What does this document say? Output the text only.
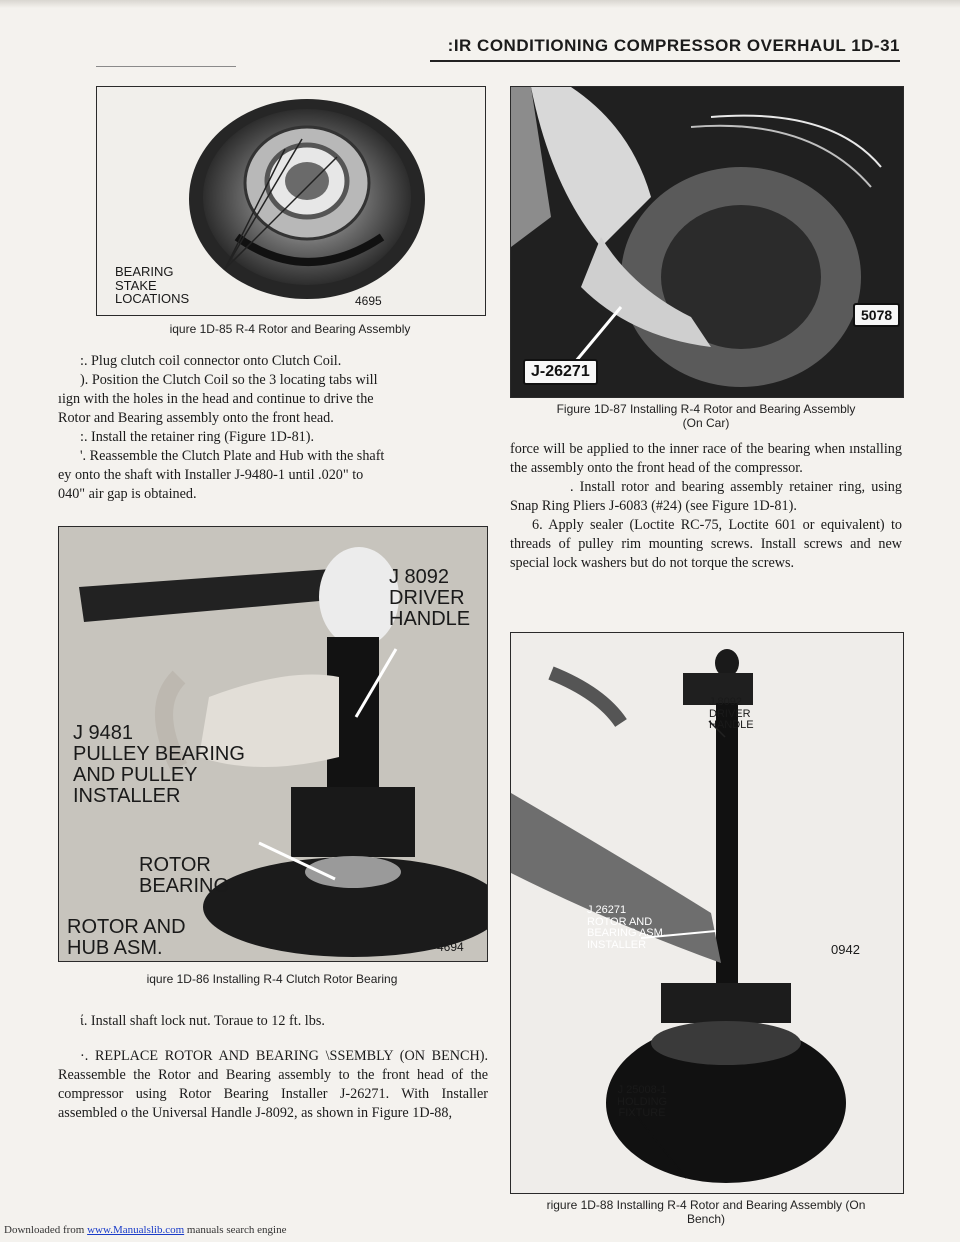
Downloaded from www.Manualslib.com manuals search engine
:IR CONDITIONING COMPRESSOR OVERHAUL 1D-31
BEARING
STAKE
LOCATIONS	4695
iqure 1D-85 R-4 Rotor and Bearing Assembly

:. Plug clutch coil connector onto Clutch Coil.

). Position the Clutch Coil so the 3 locating tabs will

ıign with the holes in the head and continue to drive the

Rotor and Bearing assembly onto the front head.

:. Install the retainer ring (Figure 1D-81).

'. Reassemble the Clutch Plate and Hub with the shaft

ey onto the shaft with Installer J-9480-1 until .020" to

040" air gap is obtained.

J 8092
DRIVER
HANDLE
J 9481
PULLEY BEARING
AND PULLEY
INSTALLER
ROTOR
BEARING
ROTOR AND
HUB ASM.	4694
iqure 1D-86 Installing R-4 Clutch Rotor Bearing

ί. Install shaft lock nut. Toraue to 12 ft. lbs.

·. REPLACE ROTOR AND BEARING \SSEMBLY (ON BENCH). Reassemble the Rotor and Bearing assembly to the front head of the compressor using Rotor Bearing Installer J-26271. With Installer assembled o the Universal Handle J-8092, as shown in Figure 1D-88,

J-26271
5078
Figure 1D-87 Installing R-4 Rotor and Bearing Assembly
(On Car)

force will be applied to the inner race of the bearing when ınstalling the assembly onto the front head of the compressor.

. Install rotor and bearing assembly retainer ring, using Snap Ring Pliers J-6083 (#24) (see Figure 1D-81).

6. Apply sealer (Loctite RC-75, Loctite 601 or equivalent) to threads of pulley rim mounting screws. Install screws and new special lock washers but do not torque the screws.

J 8092
DRIVER
HANDLE
J 26271
ROTOR AND
BEARING ASM.
INSTALLER	0942
J 25008-1
HOLDING
FIXTURE
rigure 1D-88 Installing R-4 Rotor and Bearing Assembly (On
Bench)
